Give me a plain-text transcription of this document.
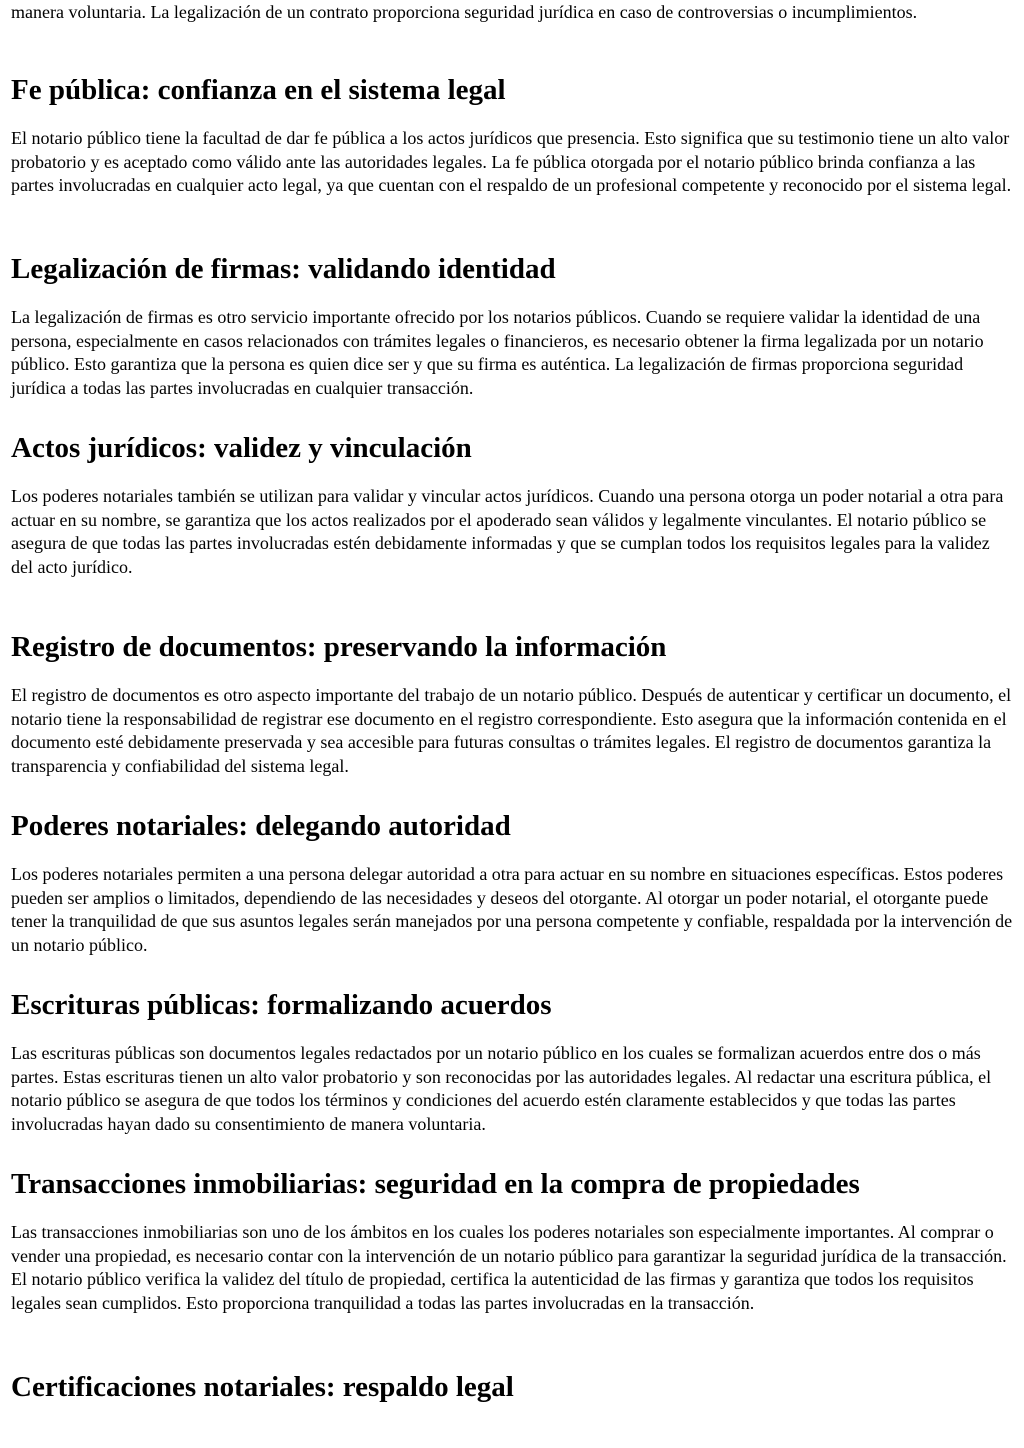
manera voluntaria. La legalización de un contrato proporciona seguridad jurídica en caso de controversias o incumplimientos.

Fe pública: confianza en el sistema legal

El notario público tiene la facultad de dar fe pública a los actos jurídicos que presencia. Esto significa que su testimonio tiene un alto valor probatorio y es aceptado como válido ante las autoridades legales. La fe pública otorgada por el notario público brinda confianza a las partes involucradas en cualquier acto legal, ya que cuentan con el respaldo de un profesional competente y reconocido por el sistema legal.

Legalización de firmas: validando identidad

La legalización de firmas es otro servicio importante ofrecido por los notarios públicos. Cuando se requiere validar la identidad de una persona, especialmente en casos relacionados con trámites legales o financieros, es necesario obtener la firma legalizada por un notario público. Esto garantiza que la persona es quien dice ser y que su firma es auténtica. La legalización de firmas proporciona seguridad jurídica a todas las partes involucradas en cualquier transacción.

Actos jurídicos: validez y vinculación

Los poderes notariales también se utilizan para validar y vincular actos jurídicos. Cuando una persona otorga un poder notarial a otra para actuar en su nombre, se garantiza que los actos realizados por el apoderado sean válidos y legalmente vinculantes. El notario público se asegura de que todas las partes involucradas estén debidamente informadas y que se cumplan todos los requisitos legales para la validez del acto jurídico.

Registro de documentos: preservando la información

El registro de documentos es otro aspecto importante del trabajo de un notario público. Después de autenticar y certificar un documento, el notario tiene la responsabilidad de registrar ese documento en el registro correspondiente. Esto asegura que la información contenida en el documento esté debidamente preservada y sea accesible para futuras consultas o trámites legales. El registro de documentos garantiza la transparencia y confiabilidad del sistema legal.

Poderes notariales: delegando autoridad

Los poderes notariales permiten a una persona delegar autoridad a otra para actuar en su nombre en situaciones específicas. Estos poderes pueden ser amplios o limitados, dependiendo de las necesidades y deseos del otorgante. Al otorgar un poder notarial, el otorgante puede tener la tranquilidad de que sus asuntos legales serán manejados por una persona competente y confiable, respaldada por la intervención de un notario público.

Escrituras públicas: formalizando acuerdos

Las escrituras públicas son documentos legales redactados por un notario público en los cuales se formalizan acuerdos entre dos o más partes. Estas escrituras tienen un alto valor probatorio y son reconocidas por las autoridades legales. Al redactar una escritura pública, el notario público se asegura de que todos los términos y condiciones del acuerdo estén claramente establecidos y que todas las partes involucradas hayan dado su consentimiento de manera voluntaria.

Transacciones inmobiliarias: seguridad en la compra de propiedades

Las transacciones inmobiliarias son uno de los ámbitos en los cuales los poderes notariales son especialmente importantes. Al comprar o vender una propiedad, es necesario contar con la intervención de un notario público para garantizar la seguridad jurídica de la transacción. El notario público verifica la validez del título de propiedad, certifica la autenticidad de las firmas y garantiza que todos los requisitos legales sean cumplidos. Esto proporciona tranquilidad a todas las partes involucradas en la transacción.

Certificaciones notariales: respaldo legal
